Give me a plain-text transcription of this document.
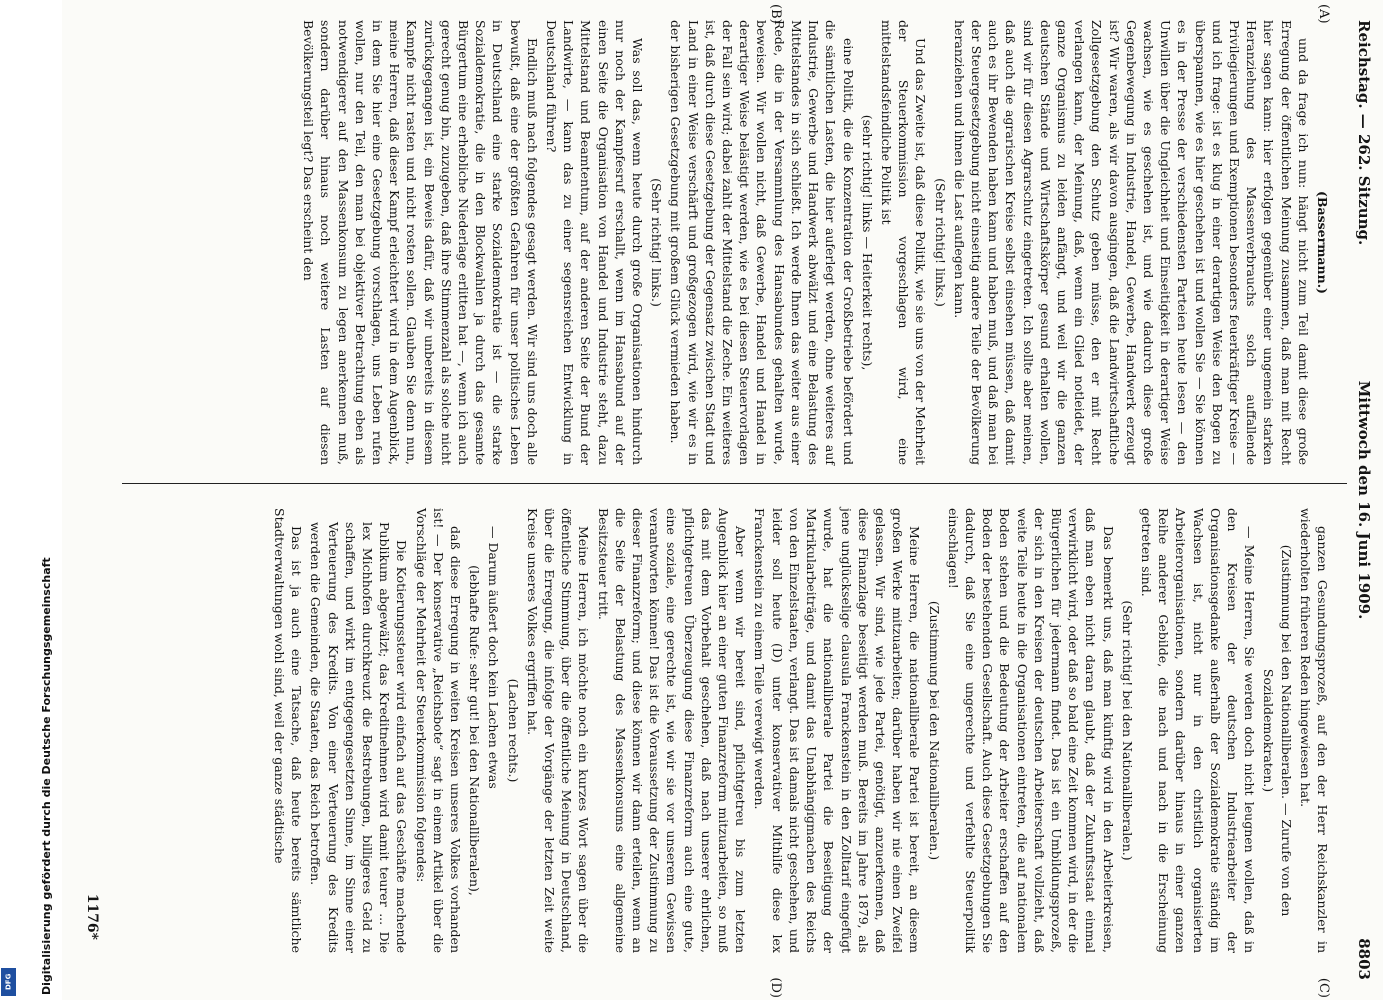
Digitalisierung gefördert durch die Deutsche Forschungsgemeinschaft
DFG
Reichstag. — 262. Sitzung.
Mittwoch den 16. Juni 1909.
8803

(Bassermann.)

und da frage ich nun: hängt nicht zum Teil damit diese große Erregung der öffentlichen Meinung zusammen, daß man mit Recht hier sagen kann: hier erfolgen gegenüber einer ungemein starken Heranziehung des Massenverbrauchs solch auffallende Privilegierungen und Exemptionen besonders feuerkräftiger Kreise — und ich frage: ist es klug in einer derartigen Weise den Bogen zu überspannen, wie es hier geschehen ist und wollen Sie — Sie können es in der Presse der verschiedensten Parteien heute lesen — den Unwillen über die Ungleichheit und Einseitigkeit in derartiger Weise wachsen, wie es geschehen ist, und wie dadurch diese große Gegenbewegung in Industrie, Handel, Gewerbe, Handwerk erzeugt ist? Wir waren, als wir davon ausgingen, daß die Landwirtschaftliche Zollgesetzgebung den Schutz geben müsse, den er mit Recht verlangen kann, der Meinung, daß, wenn ein Glied notleidet, der ganze Organismus zu leiden anfängt, und weil wir die ganzen deutschen Stände und Wirtschaftskörper gesund erhalten wollen, sind wir für diesen Agrarschutz eingetreten. Ich sollte aber meinen, daß auch die agrarischen Kreise selbst einsehen müssen, daß damit auch es ihr Bewenden haben kann und haben muß, und daß man bei der Steuergesetzgebung nicht einseitig andere Teile der Bevölkerung heranziehen und ihnen die Last auflegen kann.

(Sehr richtig! links.)

Und das Zweite ist, daß diese Politik, wie sie uns von der Mehrheit der Steuerkommission vorgeschlagen wird, eine mittelstandsfeindliche Politik ist

(sehr richtig! links — Heiterkeit rechts),

eine Politik, die die Konzentration der Großbetriebe befördert und die sämtlichen Lasten, die hier auferlegt werden, ohne weiteres auf Industrie, Gewerbe und Handwerk abwälzt und eine Belastung des Mittelstandes in sich schließt. Ich werde Ihnen das weiter aus einer Rede, die in der Versammlung des Hansabundes gehalten wurde, beweisen. Wir wollen nicht, daß Gewerbe, Handel und Handel in derartiger Weise belästigt werden, wie es bei diesen Steuervorlagen der Fall sein wird; dabei zahlt der Mittelstand die Zeche. Ein weiteres ist, daß durch diese Gesetzgebung der Gegensatz zwischen Stadt und Land in einer Weise verschärft und großgezogen wird, wie wir es in der bisherigen Gesetzgebung mit großem Glück vermieden haben.

(Sehr richtig! links.)

Was soll das, wenn heute durch große Organisationen hindurch nur noch der Kampfesruf erschallt, wenn im Hansabund auf der einen Seite die Organisation von Handel und Industrie steht, dazu Mittelstand und Beamtentum, auf der anderen Seite der Bund der Landwirte, — kann das zu einer segensreichen Entwicklung in Deutschland führen?

Endlich muß nach folgendes gesagt werden. Wir sind uns doch alle bewußt, daß eine der größten Gefahren für unser politisches Leben in Deutschland eine starke Sozialdemokratie ist — die starke Sozialdemokratie, die in den Blockwahlen ja durch das gesamte Bürgertum eine erhebliche Niederlage erlitten hat —, wenn ich auch gerecht genug bin, zuzugeben, daß ihre Stimmenzahl als solche nicht zurückgegangen ist, ein Beweis dafür, daß wir unbereits in diesem Kampfe nicht rasten und nicht rosten sollen. Glauben Sie denn nun, meine Herren, daß dieser Kampf erleichtert wird in dem Augenblick, in dem Sie hier eine Gesetzgebung vorschlagen, uns Leben rufen wollen, nur den Teil, den man bei objektiver Betrachtung eben als notwendigerer auf den Massenkonsum zu legen anerkennen muß, sondern darüber hinaus noch weitere Lasten auf diesen Bevölkerungsteil legt? Das erscheint den

ganzen Gesundungsprozeß, auf den der Herr Reichskanzler in wiederholten früheren Reden hingewiesen hat.

(Zustimmung bei den Nationalliberalen. — Zurufe von den Sozialdemokraten.)

— Meine Herren, Sie werden doch nicht leugnen wollen, daß in den Kreisen der deutschen Industriearbeiter der Organisationsgedanke außerhalb der Sozialdemokratie ständig im Wachsen ist, nicht nur in den christlich organisierten Arbeiterorganisationen, sondern darüber hinaus in einer ganzen Reihe anderer Gebilde, die nach und nach in die Erscheinung getreten sind.

(Sehr richtig! bei den Nationalliberalen.)

Das bemerkt uns, daß man künftig wird in den Arbeiterkreisen, daß man eben nicht daran glaubt, daß der Zukunftsstaat einmal verwirklicht wird, oder daß so bald eine Zeit kommen wird, in der die Bürgerlichen für jedermann findet. Das ist ein Umbildungsprozeß, der sich in den Kreisen der deutschen Arbeiterschaft vollzieht, daß weite Teile heute in die Organisationen eintreten, die auf nationalem Boden stehen und die Bedeutung der Arbeiter erschaffen auf den Boden der bestehenden Gesellschaft. Auch diese Gesetzgebungen Sie dadurch, daß Sie eine ungerechte und verfehlte Steuerpolitik einschlagen!

(Zustimmung bei den Nationalliberalen.)

Meine Herren, die nationalliberale Partei ist bereit, an diesem großen Werke mitzuarbeiten; darüber haben wir nie einen Zweifel gelassen. Wir sind, wie jede Partei, genötigt, anzuerkennen, daß diese Finanzlage beseitigt werden muß. Bereits im Jahre 1879, als jene unglückselige clausula Franckenstein in den Zolltarif eingefügt wurde, hat die nationalliberale Partei die Beseitigung der Matrikularbeiträge, und damit das Unabhängigmachen des Reichs von den Einzelstaaten, verlangt. Das ist damals nicht geschehen, und leider soll heute (D) unter konservativer Mithilfe diese lex Franckenstein zu einem Teile verewigt werden.

Aber wenn wir bereit sind, pflichtgetreu bis zum letzten Augenblick hier an einer guten Finanzreform mitzuarbeiten, so muß das mit dem Vorbehalt geschehen, daß nach unserer ehrlichen, pflichtgetreuen Überzeugung diese Finanzreform auch eine gute, eine soziale, eine gerechte ist, wie wir sie vor unserem Gewissen verantworten können! Das ist die Voraussetzung der Zustimmung zu dieser Finanzreform; und diese können wir dann erteilen, wenn an die Seite der Belastung des Massenkonsums eine allgemeine Besitzsteuer tritt.

Meine Herren, ich möchte noch ein kurzes Wort sagen über die öffentliche Stimmung, über die öffentliche Meinung in Deutschland, über die Erregung, die infolge der Vorgänge der letzten Zeit weite Kreise unseres Volkes ergriffen hat.

(Lachen rechts.)

— Darum äußert doch kein Lachen etwas

(lebhafte Rufe: sehr gut! bei den Nationalliberalen),

daß diese Erregung in weiten Kreisen unseres Volkes vorhanden ist! — Der konservative „Reichsbote“ sagt in einem Artikel über die Vorschläge der Mehrheit der Steuerkommission folgendes:

Die Kotierungssteuer wird einfach auf das Geschäfte machende Publikum abgewälzt; das Kreditnehmen wird damit teurer ... Die lex Michhofen durchkreuzt die Bestrebungen, billigeres Geld zu schaffen, und wirkt im entgegengesetzten Sinne, im Sinne einer Verteuerung des Kredits. Von einer Verteuerung des Kredits werden die Gemeinden, die Staaten, das Reich betroffen.

Das ist ja auch eine Tatsache, daß heute bereits sämtliche Stadtverwaltungen wohl sind, weil der ganze städtische

(A)
(B)
(C)
(D)
1176*
